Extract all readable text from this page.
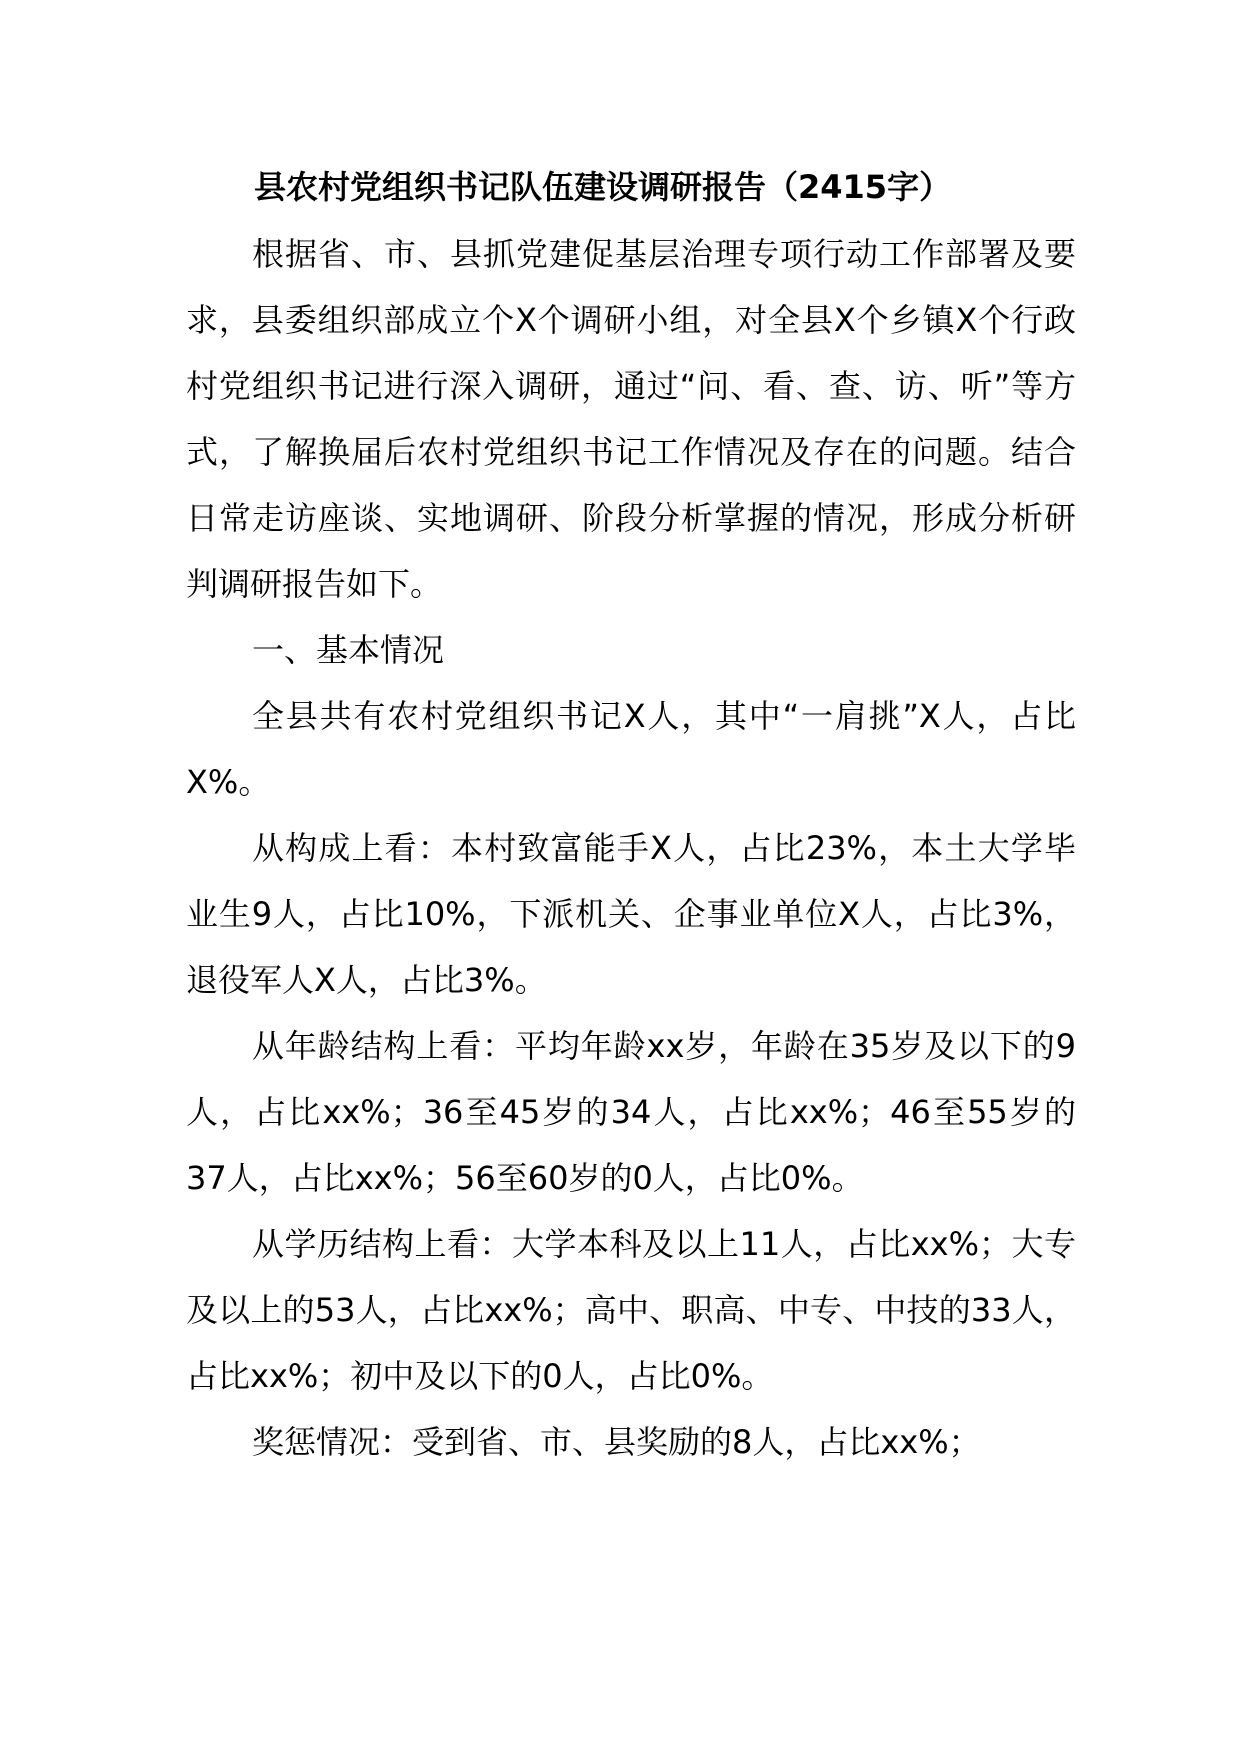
县农村党组织书记队伍建设调研报告（2415字）

根据省、市、县抓党建促基层治理专项行动工作部署及要求，县委组织部成立个X个调研小组，对全县X个乡镇X个行政村党组织书记进行深入调研，通过“问、看、查、访、听”等方式，了解换届后农村党组织书记工作情况及存在的问题。结合日常走访座谈、实地调研、阶段分析掌握的情况，形成分析研判调研报告如下。

一、基本情况

全县共有农村党组织书记X人，其中“一肩挑”X人，占比X%。

从构成上看：本村致富能手X人，占比23%，本土大学毕业生9人，占比10%，下派机关、企事业单位X人，占比3%，退役军人X人，占比3%。

从年龄结构上看：平均年龄xx岁，年龄在35岁及以下的9人，占比xx%；36至45岁的34人，占比xx%；46至55岁的37人，占比xx%；56至60岁的0人，占比0%。

从学历结构上看：大学本科及以上11人，占比xx%；大专及以上的53人，占比xx%；高中、职高、中专、中技的33人，占比xx%；初中及以下的0人，占比0%。

奖惩情况：受到省、市、县奖励的8人，占比xx%；
